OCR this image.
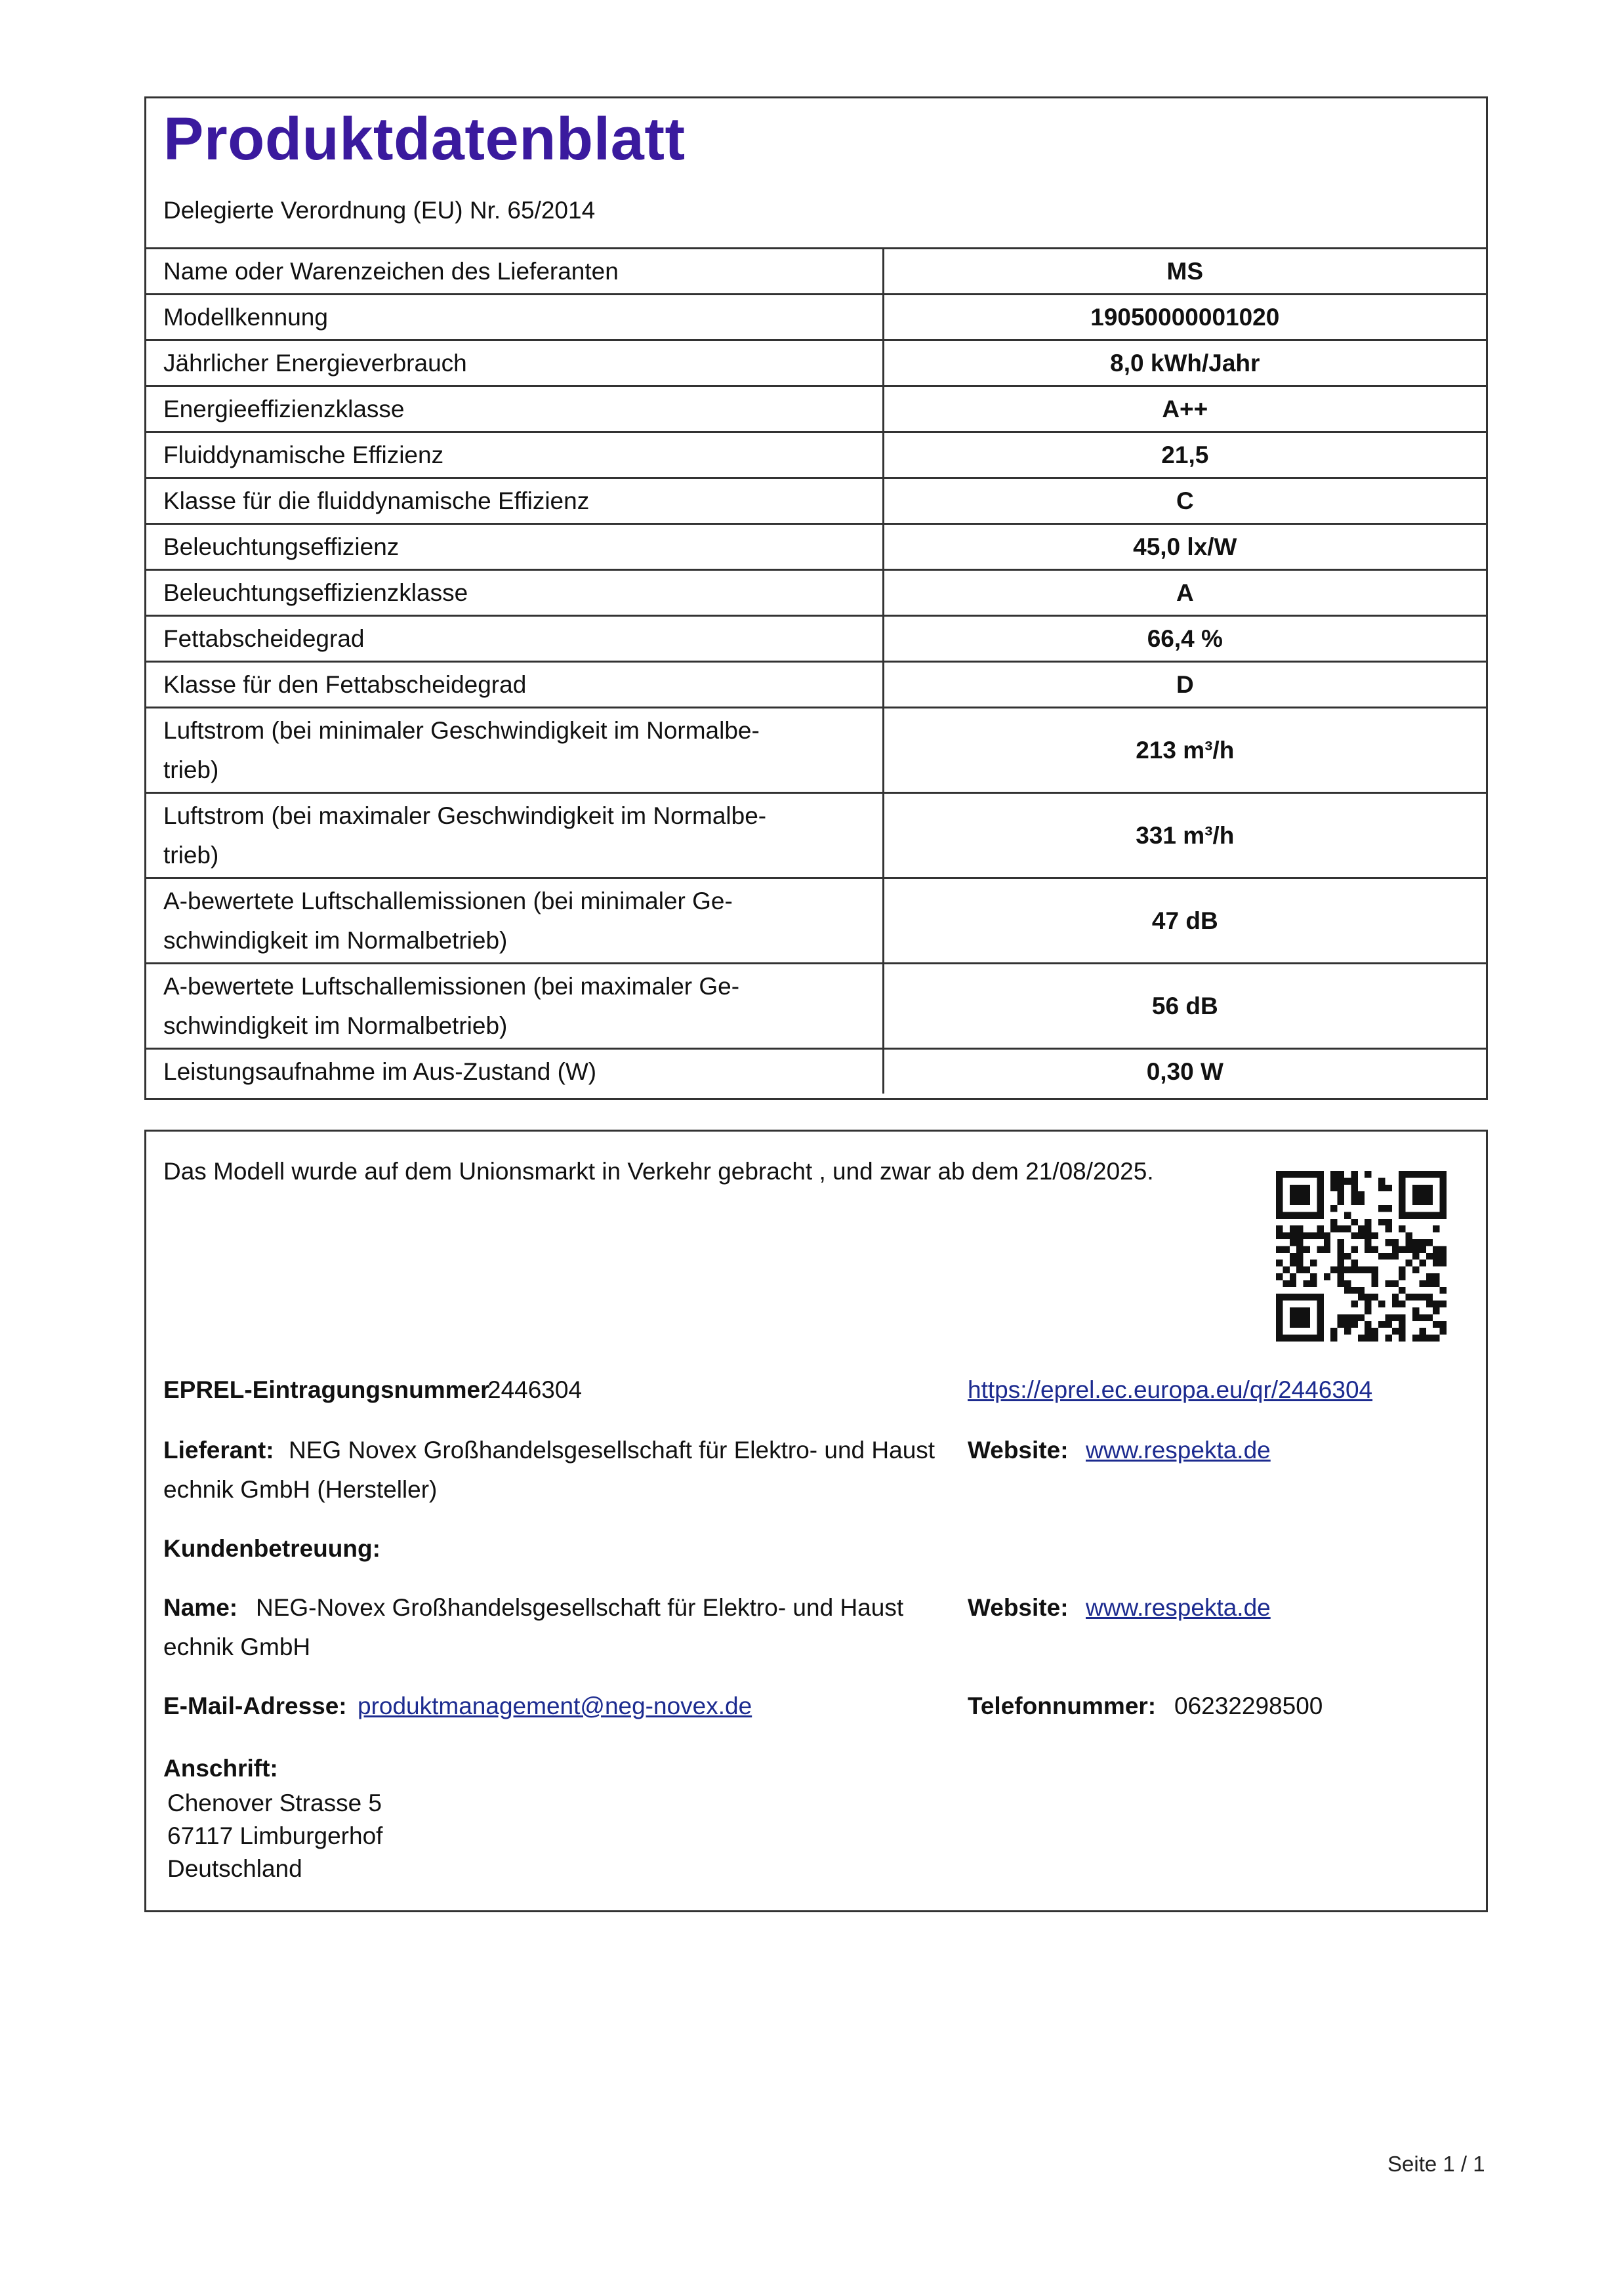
Produktdatenblatt
Delegierte Verordnung (EU) Nr. 65/2014
Name oder Warenzeichen des Lieferanten	MS
Modellkennung	19050000001020
Jährlicher Energieverbrauch	8,0 kWh/Jahr
Energieeffizienzklasse	A++
Fluiddynamische Effizienz	21,5
Klasse für die fluiddynamische Effizienz	C
Beleuchtungseffizienz	45,0 lx/W
Beleuchtungseffizienzklasse	A
Fettabscheidegrad	66,4 %
Klasse für den Fettabscheidegrad	D

Luftstrom (bei minimaler Geschwindigkeit im Normalbe-
trieb)	213 m³/h

Luftstrom (bei maximaler Geschwindigkeit im Normalbe-
trieb)	331 m³/h

A-bewertete Luftschallemissionen (bei minimaler Ge-
schwindigkeit im Normalbetrieb)	47 dB

A-bewertete Luftschallemissionen (bei maximaler Ge-
schwindigkeit im Normalbetrieb)	56 dB
Leistungsaufnahme im Aus-Zustand (W)	0,30 W
Das Modell wurde auf dem Unionsmarkt in Verkehr gebracht , und zwar ab dem 21/08/2025.
EPREL-Eintragungsnummer
2446304	https://eprel.ec.europa.eu/qr/2446304
Lieferant: NEG Novex Großhandelsgesellschaft für Elektro- und Haust
echnik GmbH (Hersteller)
Website: www.respekta.de
Kundenbetreuung:
Name: NEG-Novex Großhandelsgesellschaft für Elektro- und Haust
echnik GmbH
Website: www.respekta.de
E-Mail-Adresse: produktmanagement@neg-novex.de	Telefonnummer: 06232298500
Anschrift:
Chenover Strasse 5
67117 Limburgerhof
Deutschland
Seite 1 / 1
